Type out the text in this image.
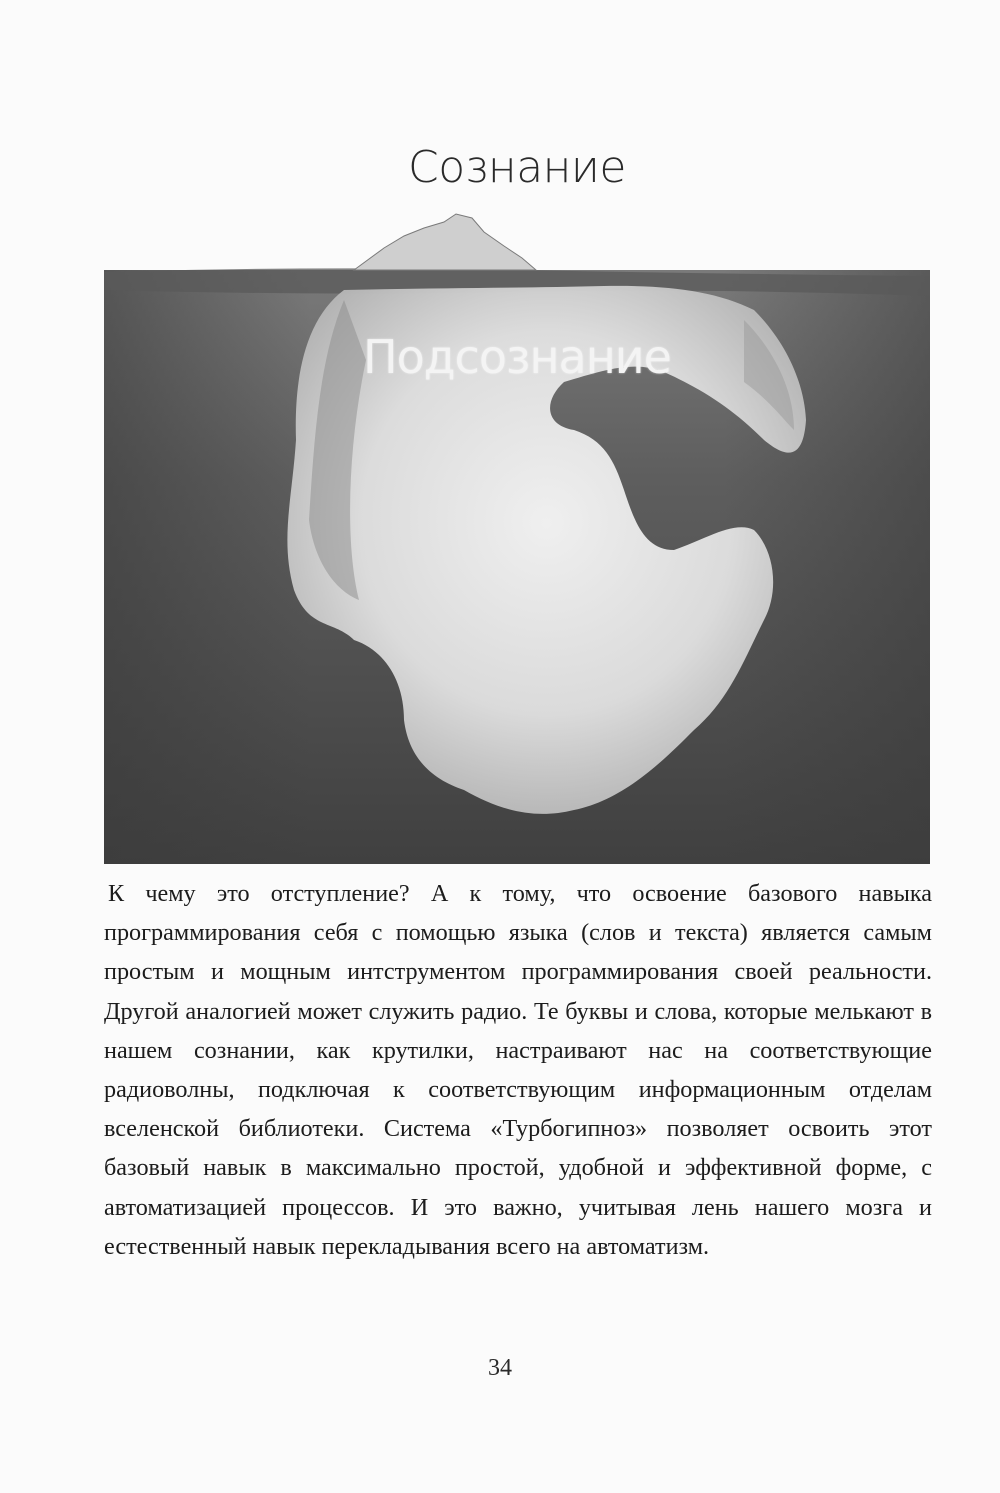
Сознание
Подсознание

К чему это отступление? А к тому, что освоение базового навыка программирования себя с помощью языка (слов и текста) является самым простым и мощным интструментом программирования своей реальности. Другой аналогией может служить радио. Те буквы и слова, которые мелькают в нашем сознании, как крутилки, настраивают нас на соответствующие радиоволны, подключая к соответствующим информационным отделам вселенской библиотеки. Система «Турбогипноз» позволяет освоить этот базовый навык в максимально простой, удобной и эффективной форме, с автоматизацией процессов. И это важно, учитывая лень нашего мозга и естественный навык перекладывания всего на автоматизм.

34
